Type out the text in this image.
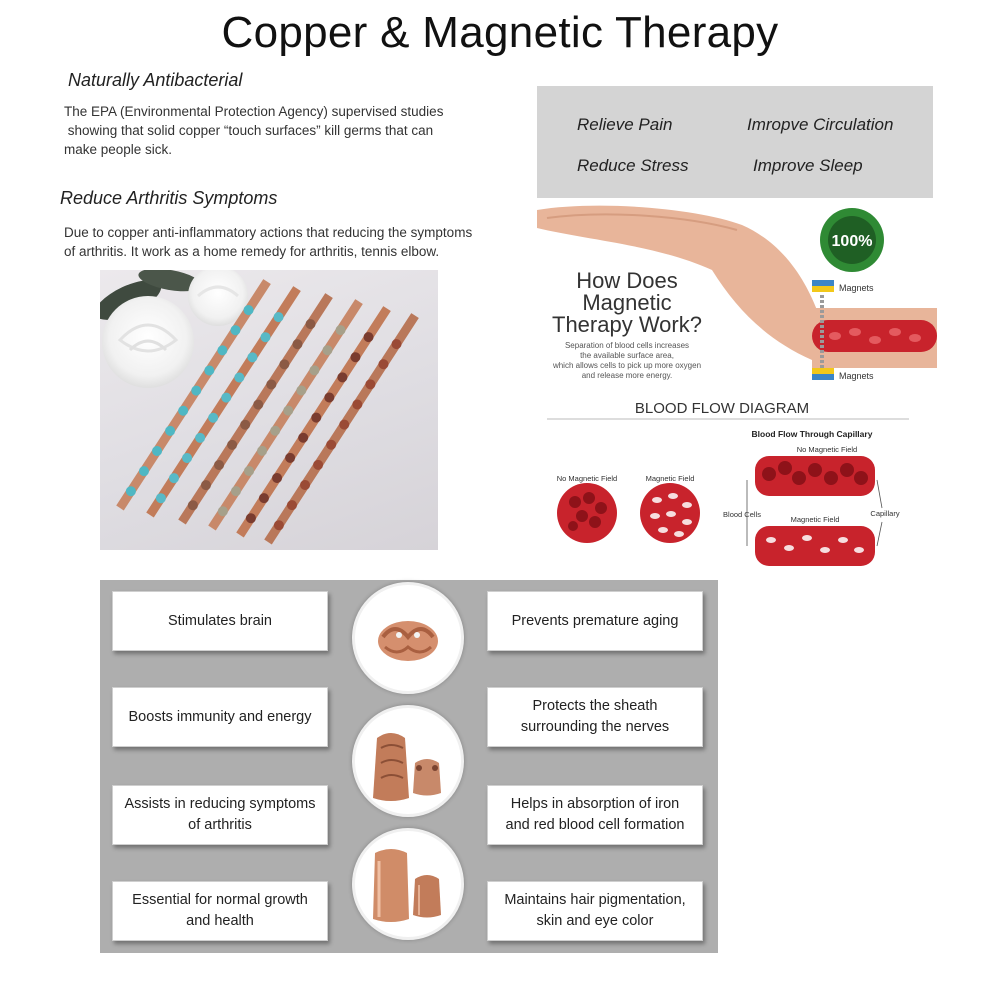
Copper & Magnetic Therapy
Naturally Antibacterial
The EPA (Environmental Protection Agency) supervised studies
showing that solid copper “touch surfaces” kill germs that can
make people sick.
Reduce Arthritis Symptoms
Due to copper anti-inflammatory actions that reducing the symptoms
of arthritis. It work as a home remedy for arthritis, tennis elbow.
Relieve Pain	Imropve Circulation
Reduce Stress	Improve Sleep
100%
Magnets
Magnets
How Does
Magnetic
Therapy Work?
Separation of blood cells increases
the available surface area,
which allows cells to pick up more oxygen
and release more energy.
BLOOD FLOW DIAGRAM
Blood Flow Through Capillary
No Magnetic Field	Magnetic Field
No Magnetic Field
Magnetic Field
Blood Cells	Capillary
Stimulates brain
Boosts immunity and energy
Assists in reducing symptoms
of arthritis
Essential for normal growth
and health
Prevents premature aging
Protects the sheath
surrounding the nerves
Helps in absorption of iron
and red blood cell formation
Maintains hair pigmentation,
skin and eye color
